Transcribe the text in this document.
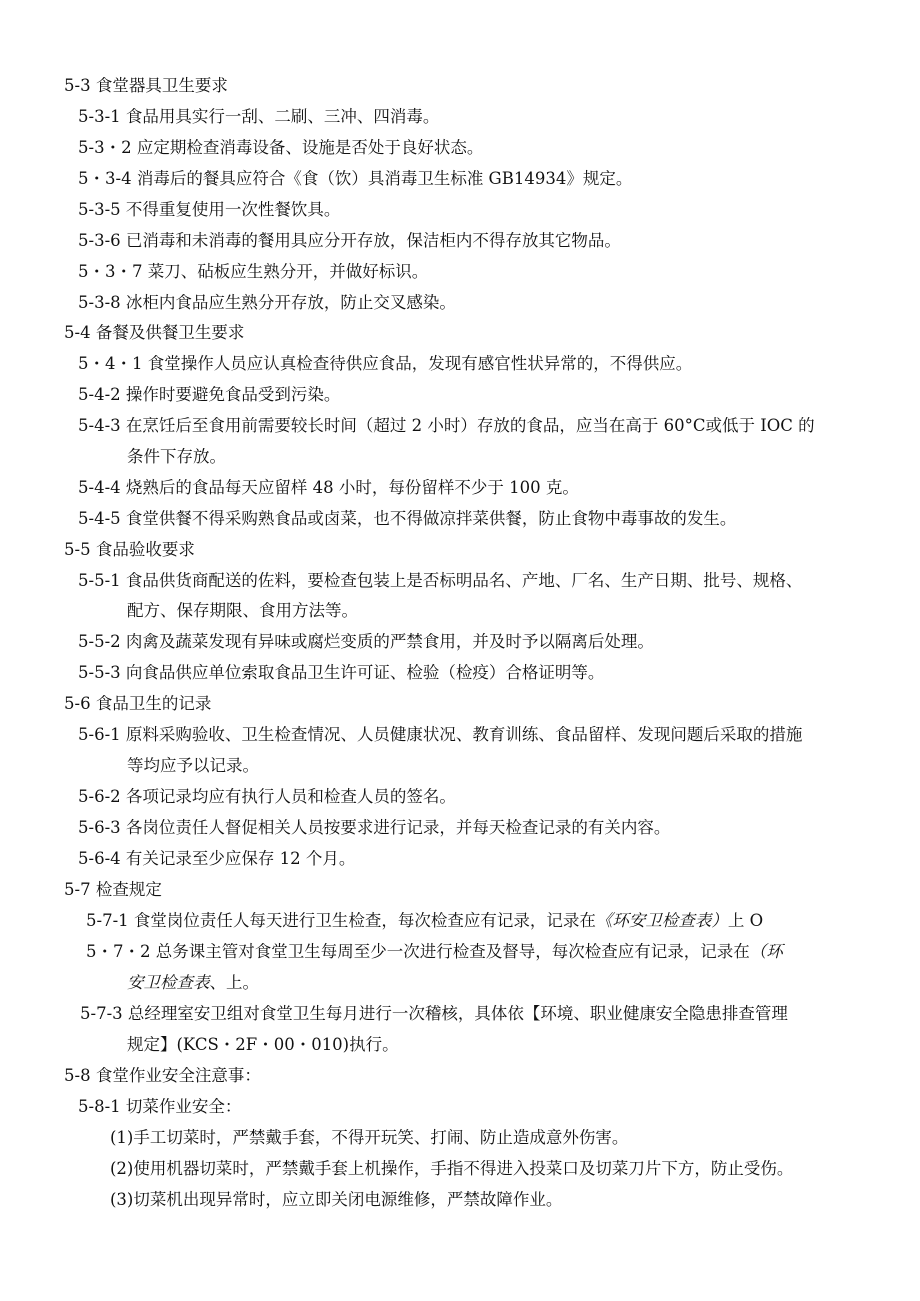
5-3 食堂器具卫生要求
5-3-1 食品用具实行一刮、二刷、三冲、四消毒。
5-3・2 应定期检查消毒设备、设施是否处于良好状态。
5・3-4 消毒后的餐具应符合《食（饮）具消毒卫生标准 GB14934》规定。
5-3-5 不得重复使用一次性餐饮具。
5-3-6 已消毒和未消毒的餐用具应分开存放，保洁柜内不得存放其它物品。
5・3・7 菜刀、砧板应生熟分开，并做好标识。
5-3-8 冰柜内食品应生熟分开存放，防止交叉感染。
5-4 备餐及供餐卫生要求
5・4・1 食堂操作人员应认真检查待供应食品，发现有感官性状异常的，不得供应。
5-4-2 操作时要避免食品受到污染。
5-4-3 在烹饪后至食用前需要较长时间（超过 2 小时）存放的食品，应当在高于 60°C或低于 IOC 的
条件下存放。
5-4-4 烧熟后的食品每天应留样 48 小时，每份留样不少于 100 克。
5-4-5 食堂供餐不得采购熟食品或卤菜，也不得做凉拌菜供餐，防止食物中毒事故的发生。
5-5 食品验收要求
5-5-1 食品供货商配送的佐料，要检查包装上是否标明品名、产地、厂名、生产日期、批号、规格、
配方、保存期限、食用方法等。
5-5-2 肉禽及蔬菜发现有异味或腐烂变质的严禁食用，并及时予以隔离后处理。
5-5-3 向食品供应单位索取食品卫生许可证、检验（检疫）合格证明等。
5-6 食品卫生的记录
5-6-1 原料采购验收、卫生检查情况、人员健康状况、教育训练、食品留样、发现问题后采取的措施
等均应予以记录。
5-6-2 各项记录均应有执行人员和检查人员的签名。
5-6-3 各岗位责任人督促相关人员按要求进行记录，并每天检查记录的有关内容。
5-6-4 有关记录至少应保存 12 个月。
5-7 检查规定
5-7-1 食堂岗位责任人每天进行卫生检查，每次检查应有记录，记录在《环安卫检查表）上 O
5・7・2 总务课主管对食堂卫生每周至少一次进行检查及督导，每次检查应有记录，记录在（环
安卫检查表、上。
5-7-3 总经理室安卫组对食堂卫生每月进行一次稽核，具体依【环境、职业健康安全隐患排查管理
规定】(KCS・2F・00・010)执行。
5-8 食堂作业安全注意事：
5-8-1 切菜作业安全：
(1)手工切菜时，严禁戴手套，不得开玩笑、打闹、防止造成意外伤害。
(2)使用机器切菜时，严禁戴手套上机操作，手指不得进入投菜口及切菜刀片下方，防止受伤。
(3)切菜机出现异常时，应立即关闭电源维修，严禁故障作业。
